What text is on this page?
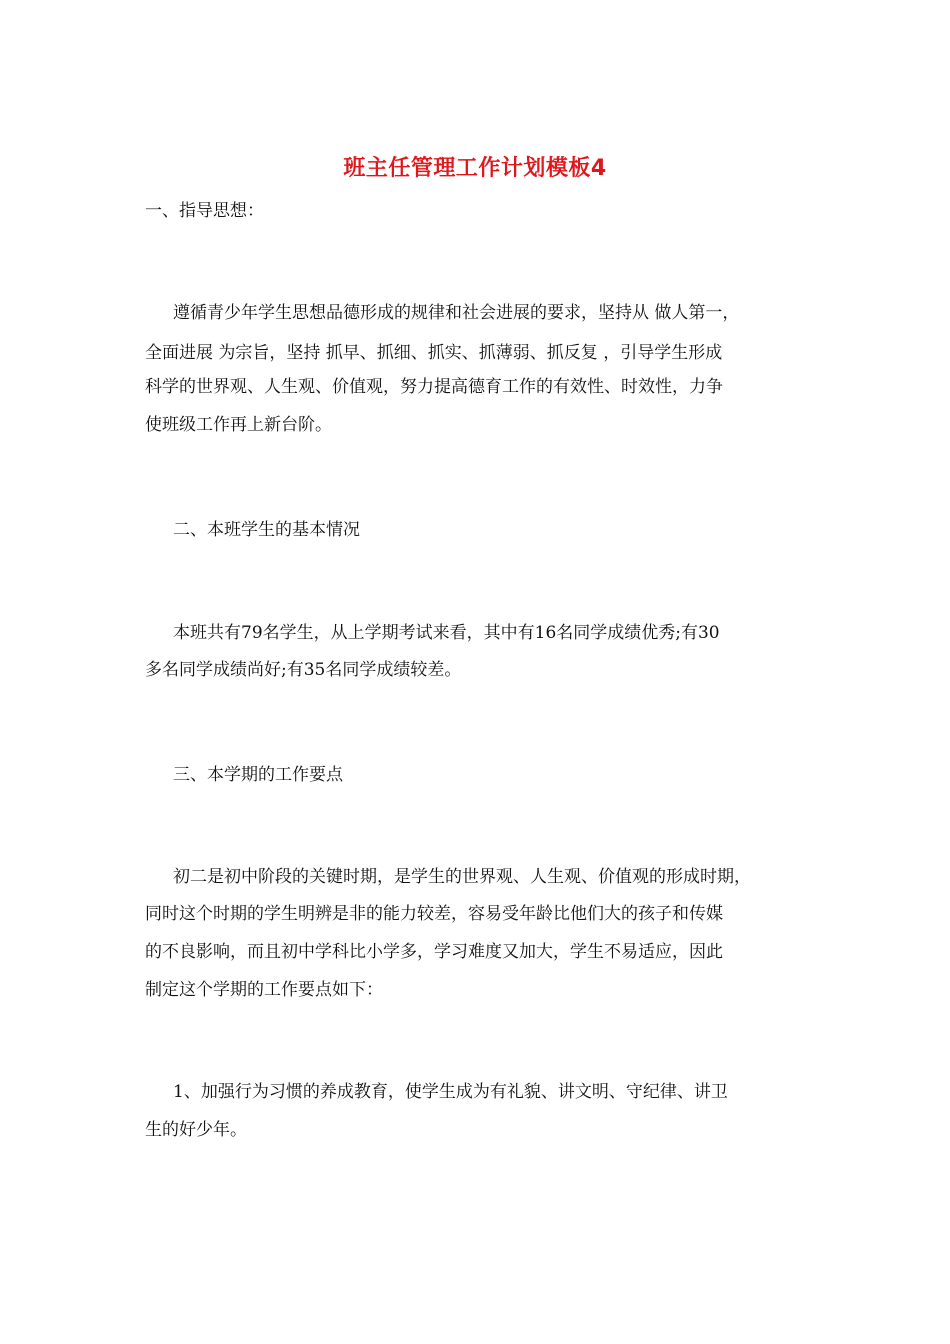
班主任管理工作计划模板4

一、指导思想：

遵循青少年学生思想品德形成的规律和社会进展的要求，坚持从 做人第一，

全面进展 为宗旨，坚持 抓早、抓细、抓实、抓薄弱、抓反复 ，引导学生形成

科学的世界观、人生观、价值观，努力提高德育工作的有效性、时效性，力争

使班级工作再上新台阶。

二、本班学生的基本情况

本班共有79名学生，从上学期考试来看，其中有16名同学成绩优秀;有30

多名同学成绩尚好;有35名同学成绩较差。

三、本学期的工作要点

初二是初中阶段的关键时期，是学生的世界观、人生观、价值观的形成时期，

同时这个时期的学生明辨是非的能力较差，容易受年龄比他们大的孩子和传媒

的不良影响，而且初中学科比小学多，学习难度又加大，学生不易适应，因此

制定这个学期的工作要点如下：

1、加强行为习惯的养成教育，使学生成为有礼貌、讲文明、守纪律、讲卫

生的好少年。
